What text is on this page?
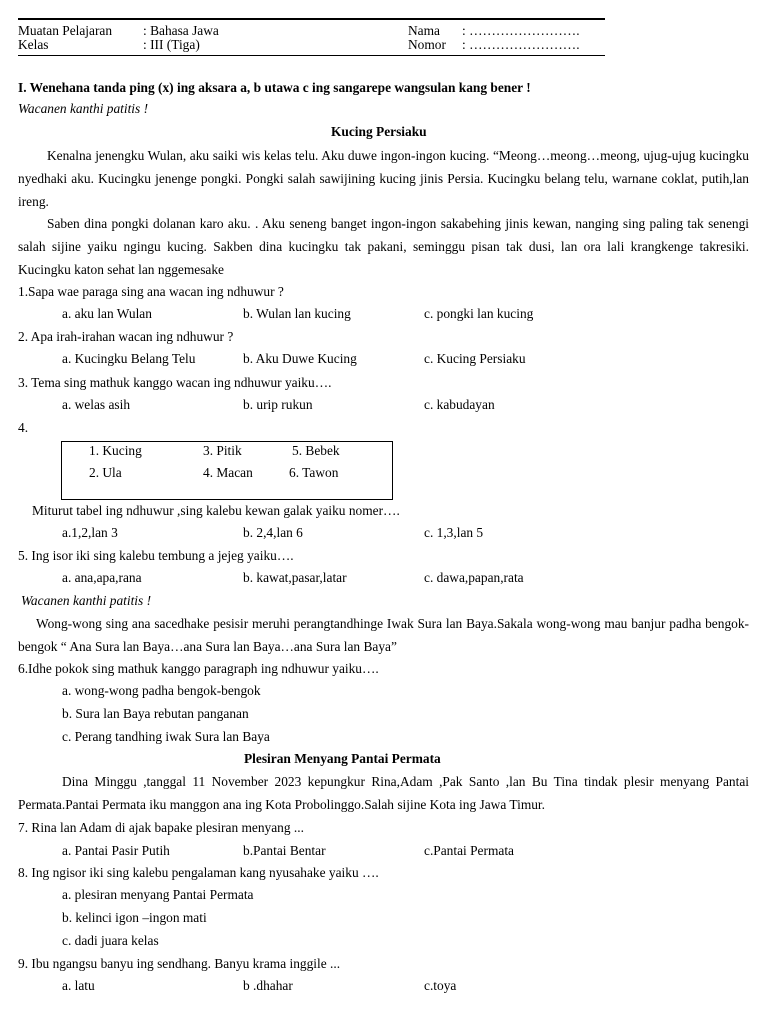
Muatan Pelajaran : Bahasa Jawa	Nama : …………………….
Kelas	: III (Tiga)	Nomor : …………………….
I. Wenehana tanda ping (x) ing aksara a, b utawa c ing sangarepe wangsulan kang bener !
Wacanen kanthi patitis !
Kucing Persiaku
Kenalna jenengku Wulan, aku saiki wis kelas telu. Aku duwe ingon-ingon kucing. “Meong…meong…meong, ujug-ujug kucingku nyedhaki aku. Kucingku jenenge pongki. Pongki salah sawijining kucing jinis Persia. Kucingku belang telu, warnane coklat, putih,lan ireng.
Saben dina pongki dolanan karo aku. . Aku seneng banget ingon-ingon sakabehing jinis kewan, nanging sing paling tak senengi salah sijine yaiku ngingu kucing. Sakben dina kucingku tak pakani, seminggu pisan tak dusi, lan ora lali krangkenge takresiki. Kucingku katon sehat lan nggemesake
1.Sapa wae paraga sing ana wacan ing ndhuwur ?
a. aku lan Wulan	b. Wulan lan kucing	c. pongki lan kucing
2. Apa irah-irahan wacan ing ndhuwur ?
a. Kucingku Belang Telu	b. Aku Duwe Kucing	c. Kucing Persiaku
3. Tema sing mathuk kanggo wacan ing ndhuwur yaiku….
a. welas asih	b. urip rukun	c. kabudayan
4.
1. Kucing	3. Pitik	5. Bebek
2. Ula	4. Macan	6. Tawon
Miturut tabel ing ndhuwur ,sing kalebu kewan galak yaiku nomer….
a.1,2,lan 3	b. 2,4,lan 6	c. 1,3,lan 5
5. Ing isor iki sing kalebu tembung a jejeg yaiku….
a. ana,apa,rana	b. kawat,pasar,latar	c. dawa,papan,rata
Wacanen kanthi patitis !
Wong-wong sing ana sacedhake pesisir meruhi perangtandhinge Iwak Sura lan Baya.Sakala wong-wong mau banjur padha bengok-bengok “ Ana Sura lan Baya…ana Sura lan Baya…ana Sura lan Baya”
6.Idhe pokok sing mathuk kanggo paragraph ing ndhuwur yaiku….
a. wong-wong padha bengok-bengok
b. Sura lan Baya rebutan panganan
c. Perang tandhing iwak Sura lan Baya
Plesiran Menyang Pantai Permata
Dina Minggu ,tanggal 11 November 2023 kepungkur Rina,Adam ,Pak Santo ,lan Bu Tina tindak plesir menyang Pantai Permata.Pantai Permata iku manggon ana ing Kota Probolinggo.Salah sijine Kota ing Jawa Timur.
7. Rina lan Adam di ajak bapake plesiran menyang ...
a. Pantai Pasir Putih	b.Pantai Bentar	c.Pantai Permata
8. Ing ngisor iki sing kalebu pengalaman kang nyusahake yaiku ….
a. plesiran menyang Pantai Permata
b. kelinci igon –ingon mati
c. dadi juara kelas
9. Ibu ngangsu banyu ing sendhang. Banyu krama inggile ...
a. latu	b .dhahar	c.toya
